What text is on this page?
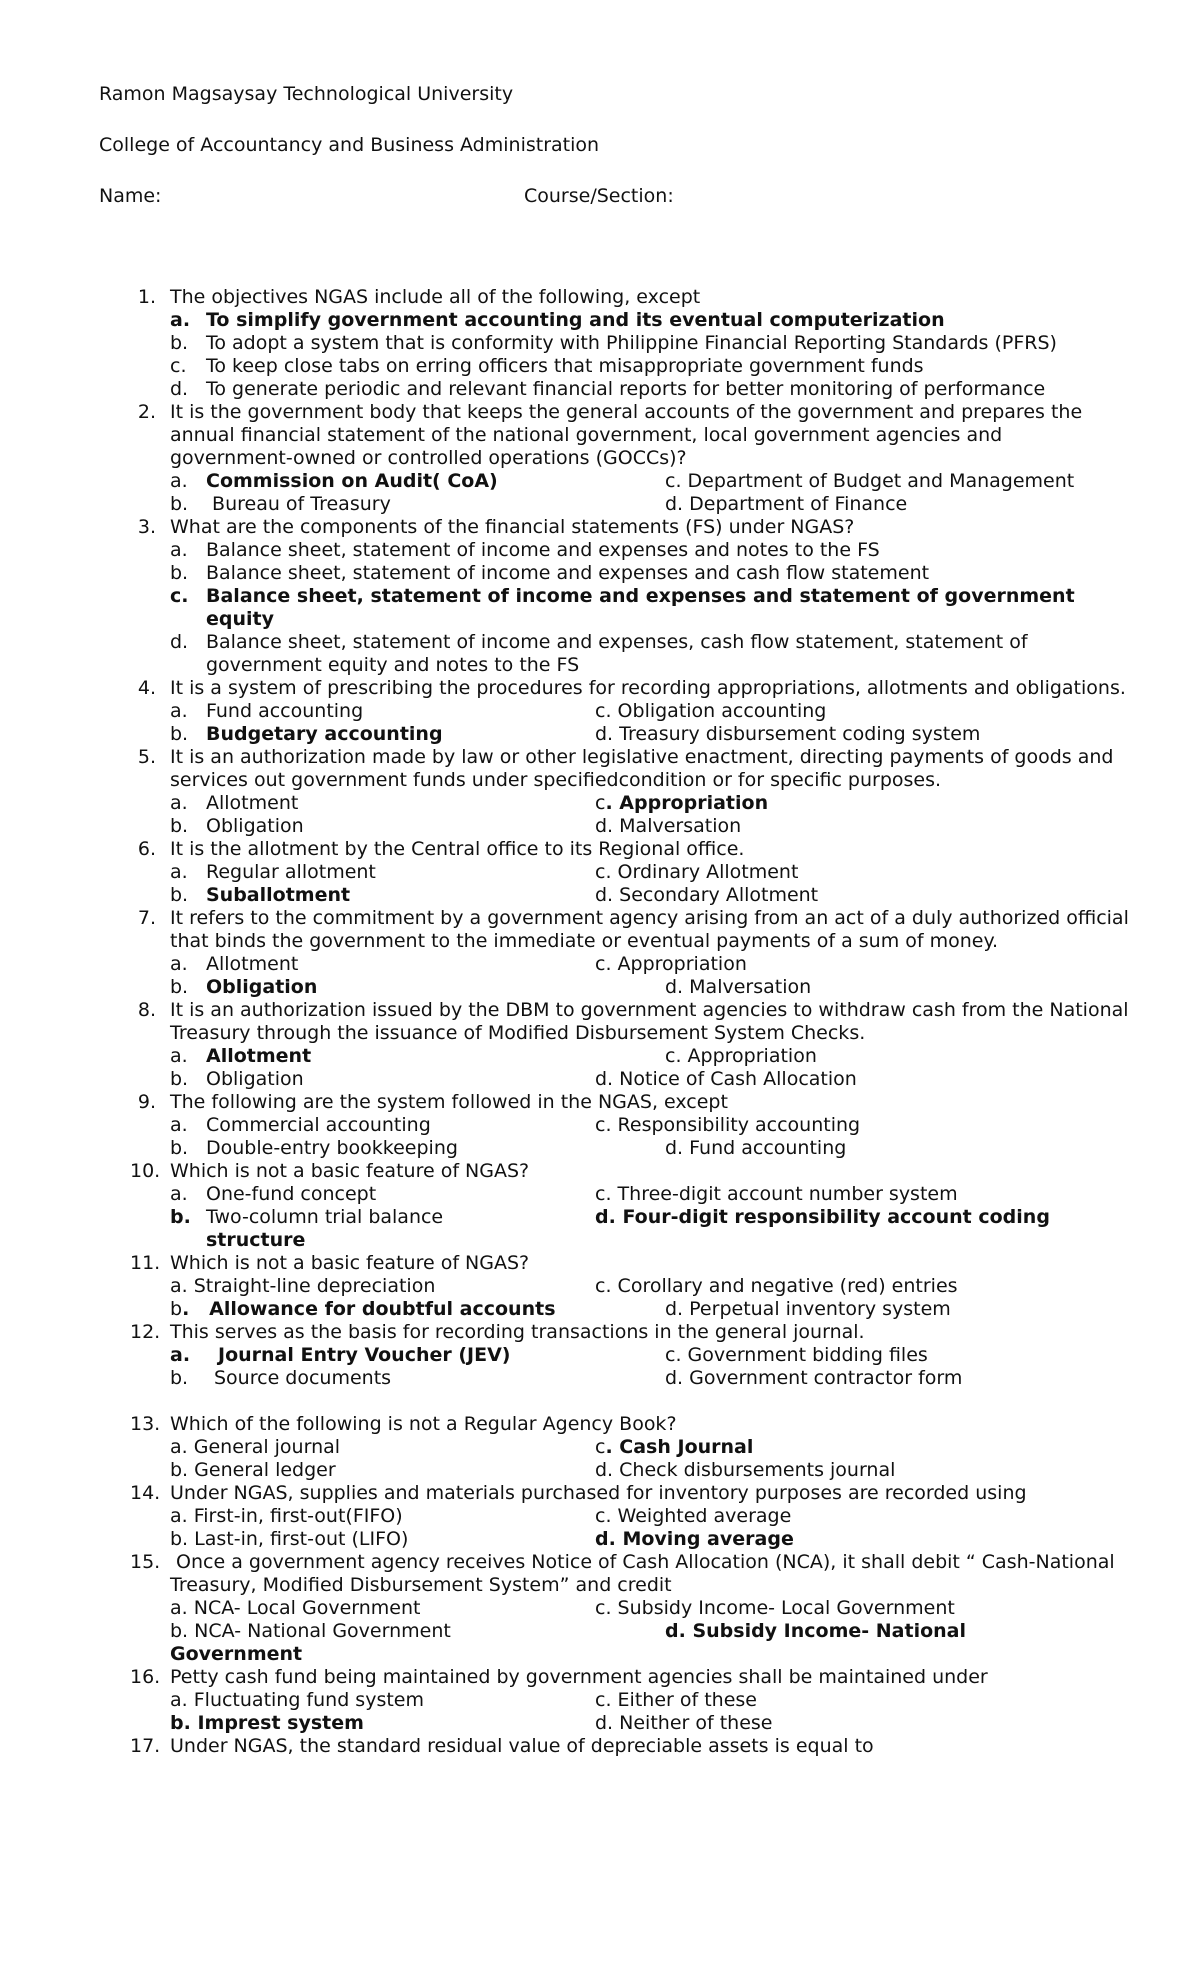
Ramon Magsaysay Technological University
College of Accountancy and Business Administration
Name:	Course/Section:
1. The objectives NGAS include all of the following, except
a. To simplify government accounting and its eventual computerization
b. To adopt a system that is conformity with Philippine Financial Reporting Standards (PFRS)
c.	To keep close tabs on erring officers that misappropriate government funds
d. To generate periodic and relevant financial reports for better monitoring of performance
2. It is the government body that keeps the general accounts of the government and prepares the annual financial statement of the national government, local government agencies and government-owned or controlled operations (GOCCs)?
a. Commission on Audit( CoA)	c. Department of Budget and Management
b. Bureau of Treasury	d. Department of Finance
3. What are the components of the financial statements (FS) under NGAS?
a. Balance sheet, statement of income and expenses and notes to the FS
b. Balance sheet, statement of income and expenses and cash flow statement
c. Balance sheet, statement of income and expenses and statement of government equity
d. Balance sheet, statement of income and expenses, cash flow statement, statement of government equity and notes to the FS
4. It is a system of prescribing the procedures for recording appropriations, allotments and obligations.
a. Fund accounting	c. Obligation accounting
b. Budgetary accounting	d. Treasury disbursement coding system
5. It is an authorization made by law or other legislative enactment, directing payments of goods and services out government funds under specifiedcondition or for specific purposes.
a. Allotment	c. Appropriation
b. Obligation	d. Malversation
6. It is the allotment by the Central office to its Regional office.
a. Regular allotment	c. Ordinary Allotment
b. Suballotment	d. Secondary Allotment
7. It refers to the commitment by a government agency arising from an act of a duly authorized official that binds the government to the immediate or eventual payments of a sum of money.
a. Allotment	c. Appropriation
b. Obligation	d. Malversation
8. It is an authorization issued by the DBM to government agencies to withdraw cash from the National Treasury through the issuance of Modified Disbursement System Checks.
a. Allotment	c. Appropriation
b. Obligation	d. Notice of Cash Allocation
9. The following are the system followed in the NGAS, except
a. Commercial accounting	c. Responsibility accounting
b. Double-entry bookkeeping	d. Fund accounting
10. Which is not a basic feature of NGAS?
a. One-fund concept	c. Three-digit account number system
b. Two-column trial balance	d. Four-digit responsibility account coding
structure
11. Which is not a basic feature of NGAS?
a. Straight-line depreciation	c. Corollary and negative (red) entries
b.   Allowance for doubtful accounts	d. Perpetual inventory system
12. This serves as the basis for recording transactions in the general journal.
a. Journal Entry Voucher (JEV)	c. Government bidding files
b. Source documents	d. Government contractor form
13. Which of the following is not a Regular Agency Book?
a. General journal	c. Cash Journal
b. General ledger	d. Check disbursements journal
14. Under NGAS, supplies and materials purchased for inventory purposes are recorded using
a. First-in, first-out(FIFO)	c. Weighted average
b. Last-in, first-out (LIFO)	d. Moving average
15. Once a government agency receives Notice of Cash Allocation (NCA), it shall debit “ Cash-National Treasury, Modified Disbursement System” and credit
a. NCA- Local Government	c. Subsidy Income- Local Government
b. NCA- National Government	d. Subsidy Income- National
Government
16. Petty cash fund being maintained by government agencies shall be maintained under
a. Fluctuating fund system	c. Either of these
b. Imprest system	d. Neither of these
17. Under NGAS, the standard residual value of depreciable assets is equal to
